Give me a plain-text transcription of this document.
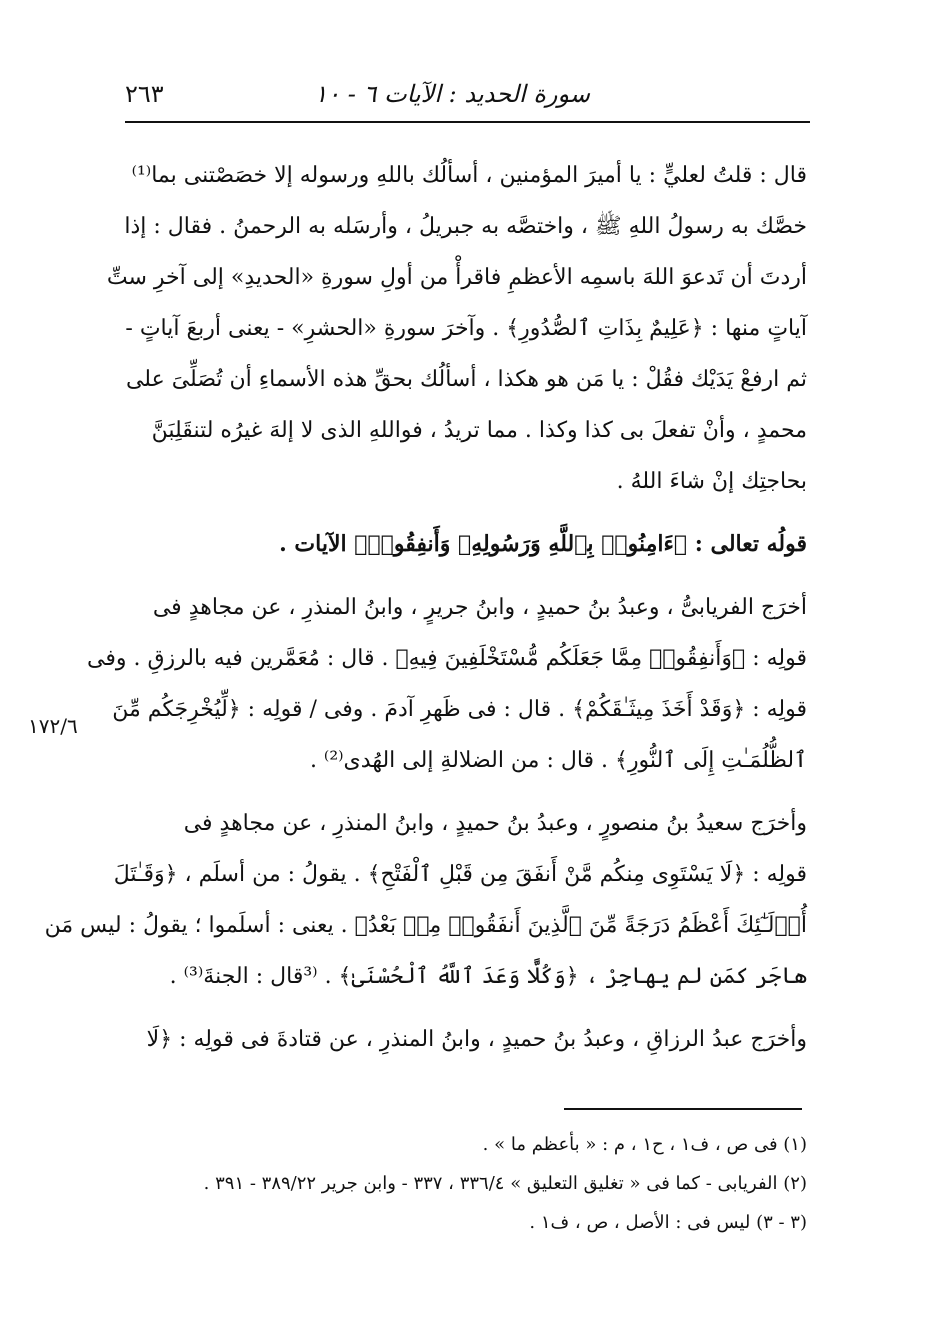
سورة الحديد : الآيات ٦ - ١٠
٢٦٣
١٧٢/٦

قال : قلتُ لعليٍّ : يا أميرَ المؤمنين ، أسألُك باللهِ ورسوله إلا خصَصْتنى بما⁽¹⁾
خصَّك به رسولُ اللهِ ﷺ ، واختصَّه به جبريلُ ، وأرسَله به الرحمنُ . فقال : إذا
أردتَ أن تَدعوَ اللهَ باسمِه الأعظمِ فاقرأْ من أولِ سورةِ «الحديدِ» إلى آخرِ ستِّ
آياتٍ منها : ﴿عَلِيمٌ بِذَاتِ ٱلصُّدُورِ﴾ . وآخرَ سورةِ «الحشرِ» - يعنى أربعَ آياتٍ -
ثم ارفعْ يَدَيْك فقُلْ : يا مَن هو هكذا ، أسألُك بحقِّ هذه الأسماءِ أن تُصَلِّىَ على
محمدٍ ، وأنْ تفعلَ بى كذا وكذا . مما تريدُ ، فواللهِ الذى لا إلهَ غيرُه لتنقَلِبَنَّ
بحاجتِك إنْ شاءَ اللهُ .

قولُه تعالى : ﴿ءَامِنُوا۟ بِٱللَّهِ وَرَسُولِهِۦ وَأَنفِقُوا۟﴾ الآيات .

أخرَج الفريابىُّ ، وعبدُ بنُ حميدٍ ، وابنُ جريرٍ ، وابنُ المنذرِ ، عن مجاهدٍ فى
قولِه : ﴿وَأَنفِقُوا۟ مِمَّا جَعَلَكُم مُّسْتَخْلَفِينَ فِيهِ﴾ . قال : مُعَمَّرين فيه بالرزقِ . وفى
قولِه : ﴿وَقَدْ أَخَذَ مِيثَـٰقَكُمْ﴾ . قال : فى ظَهرِ آدمَ . وفى / قولِه : ﴿لِّيُخْرِجَكُم مِّنَ
ٱلظُّلُمَـٰتِ إِلَى ٱلنُّورِ﴾ . قال : من الضلالةِ إلى الهُدى⁽²⁾ .

وأخرَج سعيدُ بنُ منصورٍ ، وعبدُ بنُ حميدٍ ، وابنُ المنذرِ ، عن مجاهدٍ فى
قولِه : ﴿لَا يَسْتَوِى مِنكُم مَّنْ أَنفَقَ مِن قَبْلِ ٱلْفَتْحِ﴾ . يقولُ : من أسلَم ، ﴿وَقَـٰتَلَ
أُو۟لَـٰٓئِكَ أَعْظَمُ دَرَجَةً مِّنَ ٱلَّذِينَ أَنفَقُوا۟ مِنۢ بَعْدُ﴾ . يعنى : أسلَموا ؛ يقولُ : ليس مَن
هاجَر كمَن لم يهاجِرْ ، ﴿وَكُلًّا وَعَدَ ٱللَّهُ ٱلْحُسْنَىٰ﴾ . ⁽³قال : الجنةَ⁽³⁾ .

وأخرَج عبدُ الرزاقِ ، وعبدُ بنُ حميدٍ ، وابنُ المنذرِ ، عن قتادةَ فى قولِه : ﴿لَا

(١) فى ص ، ف١ ، ح١ ، م : « بأعظم ما » .
(٢) الفريابى - كما فى « تغليق التعليق » ٣٣٦/٤ ، ٣٣٧ - وابن جرير ٣٨٩/٢٢ - ٣٩١ .
(٣ - ٣) ليس فى : الأصل ، ص ، ف١ .
